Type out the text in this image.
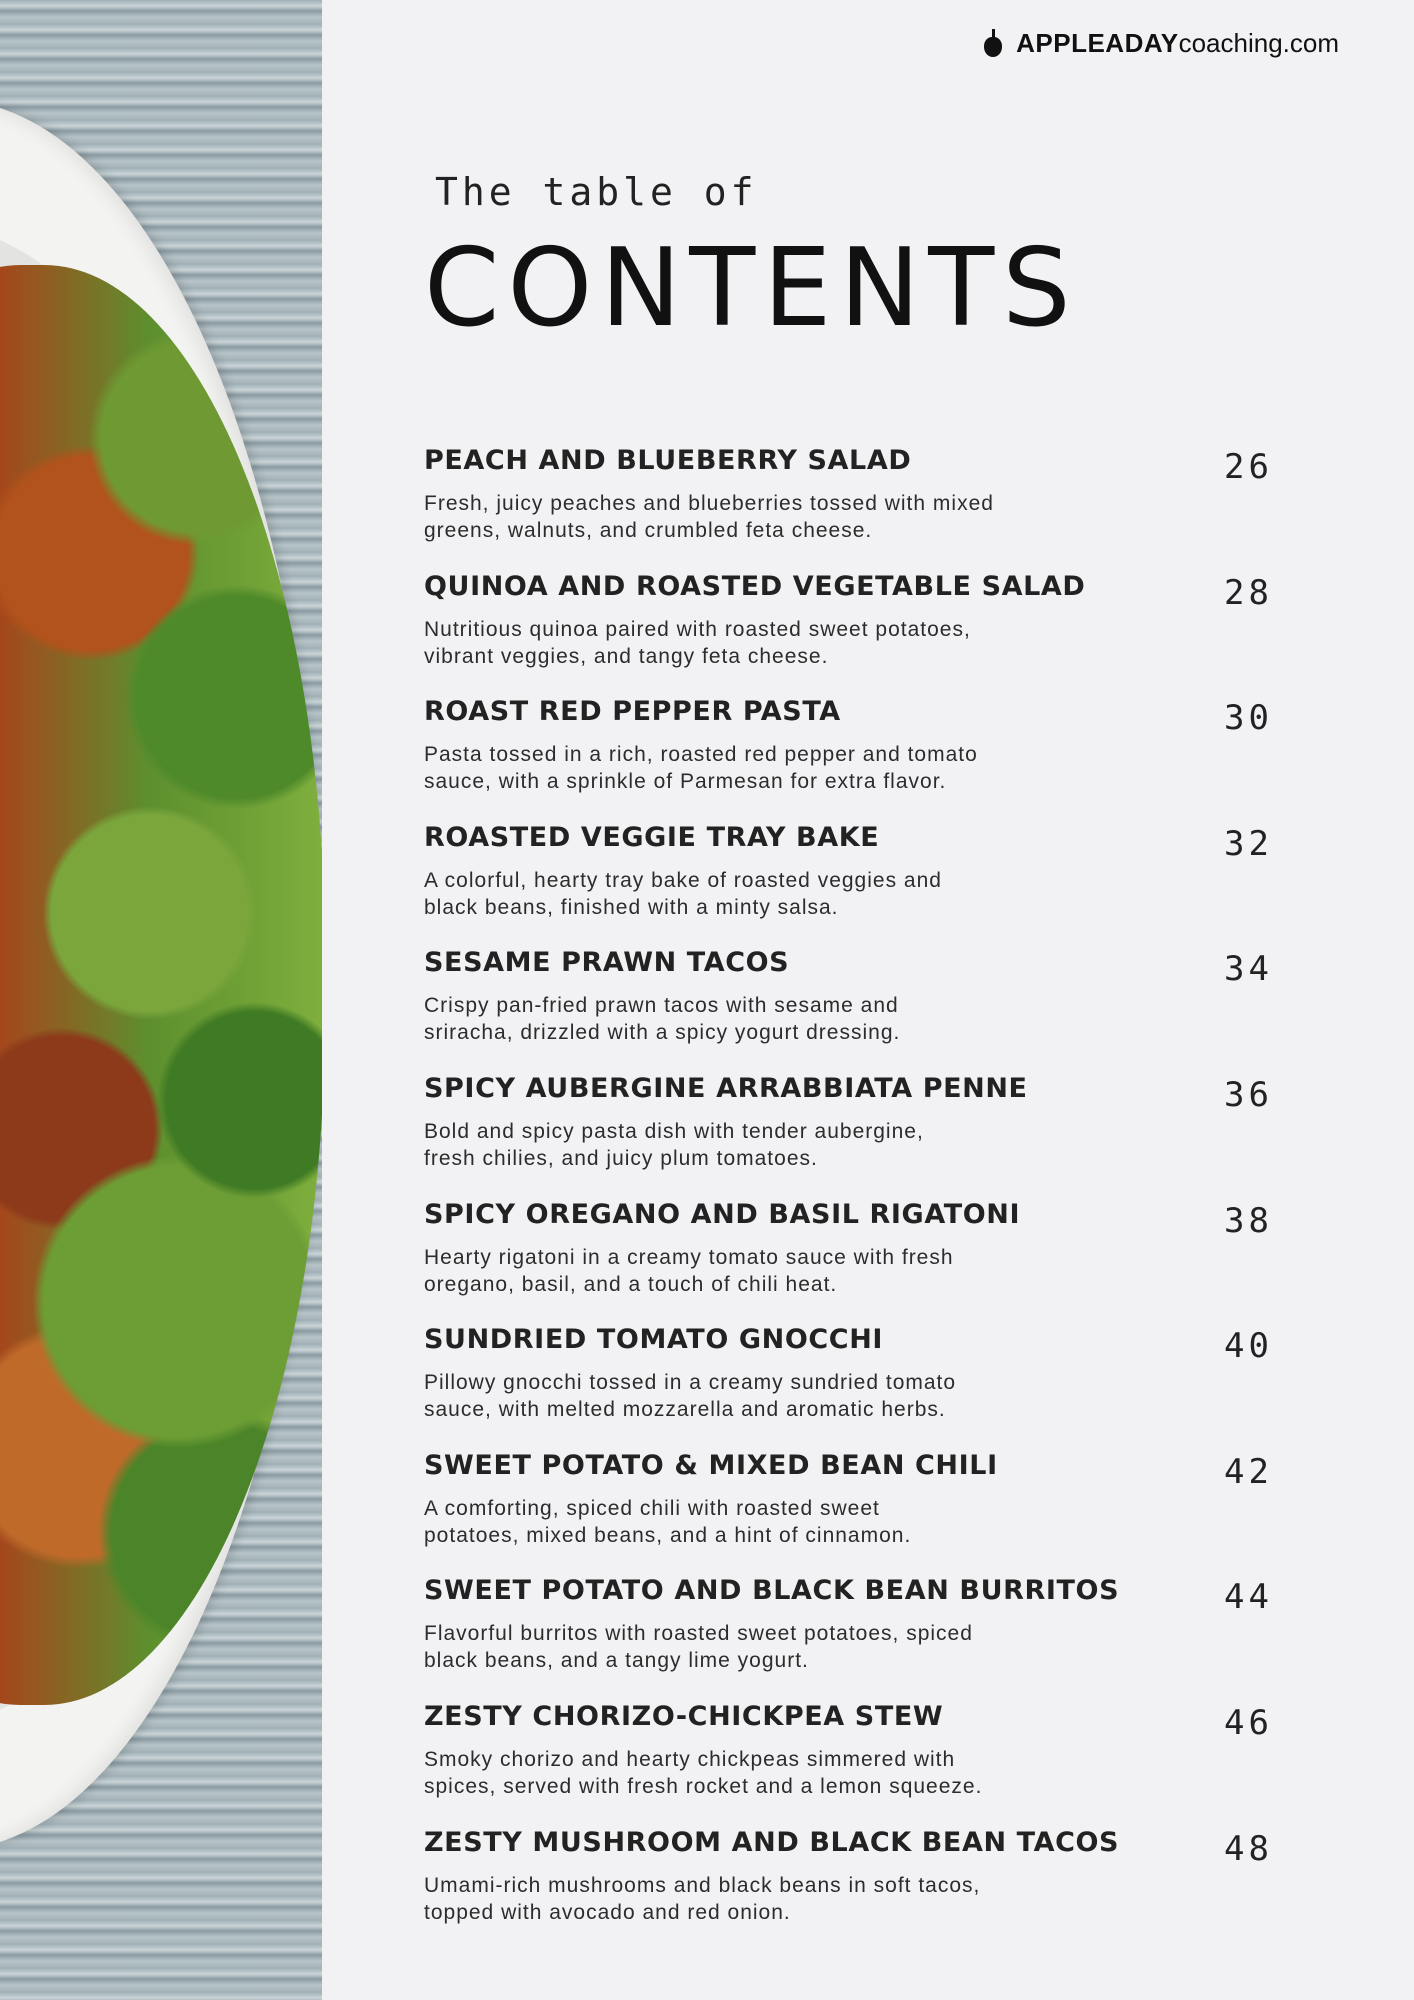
APPLEADAY coaching.com
The table of
CONTENTS
PEACH AND BLUEBERRY SALAD
Fresh, juicy peaches and blueberries tossed with mixed
greens, walnuts, and crumbled feta cheese.
26
QUINOA AND ROASTED VEGETABLE SALAD
Nutritious quinoa paired with roasted sweet potatoes,
vibrant veggies, and tangy feta cheese.
28
ROAST RED PEPPER PASTA
Pasta tossed in a rich, roasted red pepper and tomato
sauce, with a sprinkle of Parmesan for extra flavor.
30
ROASTED VEGGIE TRAY BAKE
A colorful, hearty tray bake of roasted veggies and
black beans, finished with a minty salsa.
32
SESAME PRAWN TACOS
Crispy pan-fried prawn tacos with sesame and
sriracha, drizzled with a spicy yogurt dressing.
34
SPICY AUBERGINE ARRABBIATA PENNE
Bold and spicy pasta dish with tender aubergine,
fresh chilies, and juicy plum tomatoes.
36
SPICY OREGANO AND BASIL RIGATONI
Hearty rigatoni in a creamy tomato sauce with fresh
oregano, basil, and a touch of chili heat.
38
SUNDRIED TOMATO GNOCCHI
Pillowy gnocchi tossed in a creamy sundried tomato
sauce, with melted mozzarella and aromatic herbs.
40
SWEET POTATO & MIXED BEAN CHILI
A comforting, spiced chili with roasted sweet
potatoes, mixed beans, and a hint of cinnamon.
42
SWEET POTATO AND BLACK BEAN BURRITOS
Flavorful burritos with roasted sweet potatoes, spiced
black beans, and a tangy lime yogurt.
44
ZESTY CHORIZO-CHICKPEA STEW
Smoky chorizo and hearty chickpeas simmered with
spices, served with fresh rocket and a lemon squeeze.
46
ZESTY MUSHROOM AND BLACK BEAN TACOS
Umami-rich mushrooms and black beans in soft tacos,
topped with avocado and red onion.
48
